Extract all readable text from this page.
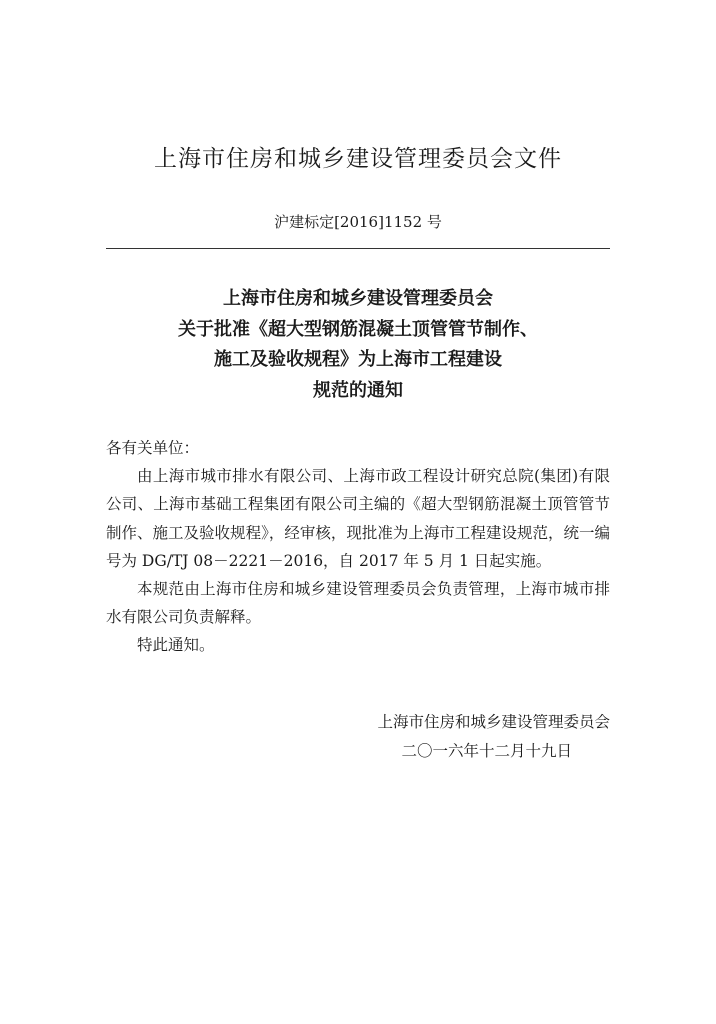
上海市住房和城乡建设管理委员会文件
沪建标定[2016]1152 号
上海市住房和城乡建设管理委员会
关于批准《超大型钢筋混凝土顶管管节制作、
施工及验收规程》为上海市工程建设
规范的通知

各有关单位：

由上海市城市排水有限公司、上海市政工程设计研究总院(集团)有限公司、上海市基础工程集团有限公司主编的《超大型钢筋混凝土顶管管节制作、施工及验收规程》，经审核，现批准为上海市工程建设规范，统一编号为 DG/TJ 08－2221－2016，自 2017 年 5 月 1 日起实施。

本规范由上海市住房和城乡建设管理委员会负责管理，上海市城市排水有限公司负责解释。

特此通知。

上海市住房和城乡建设管理委员会
二〇一六年十二月十九日
